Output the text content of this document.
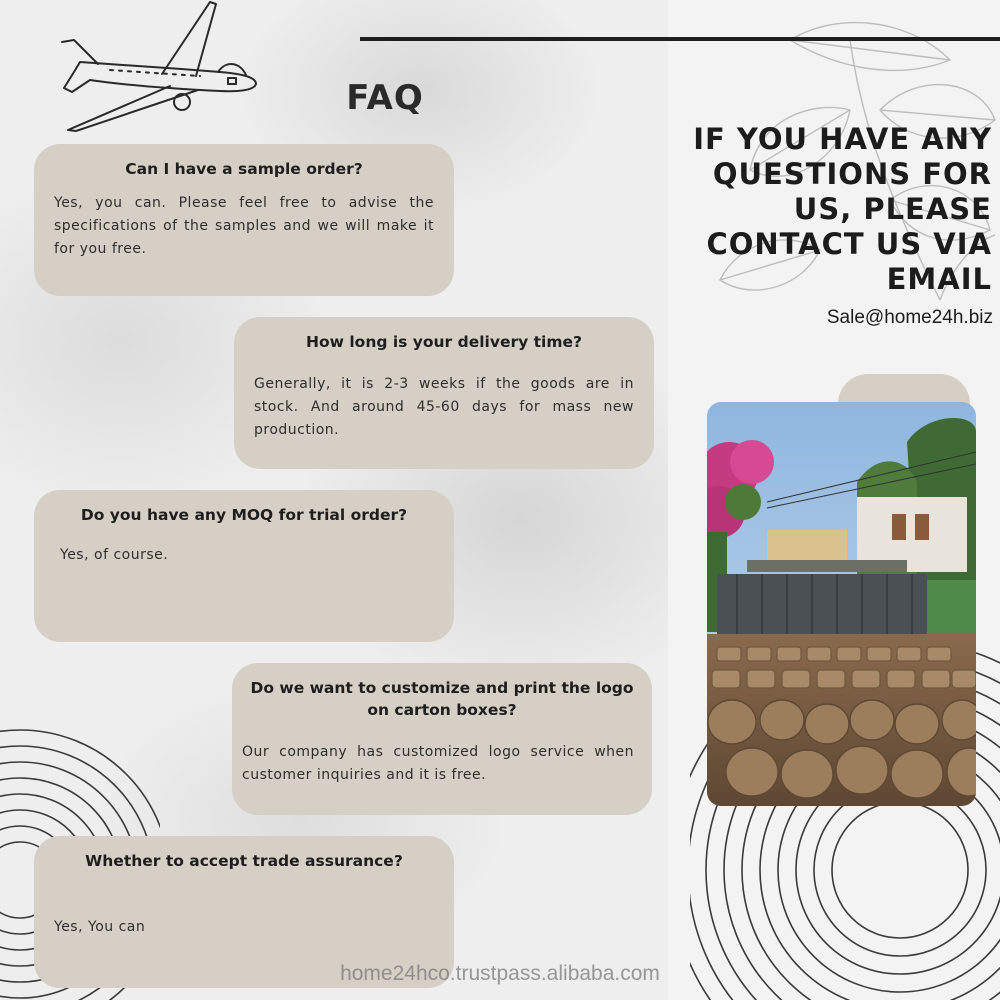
FAQ
IF YOU HAVE ANY QUESTIONS FOR US, PLEASE CONTACT US VIA EMAIL
Sale@home24h.biz
Can I have a sample order?
Yes, you can. Please feel free to advise the specifications of the samples and we will make it for you free.
How long is your delivery time?
Generally, it is 2-3 weeks if the goods are in stock. And around 45-60 days for mass new production.
Do you have any MOQ for trial order?
Yes, of course.
Do we want to customize and print the logo on carton boxes?
Our company has customized logo service when customer inquiries and it is free.
Whether to accept trade assurance?
Yes, You can
home24hco.trustpass.alibaba.com
